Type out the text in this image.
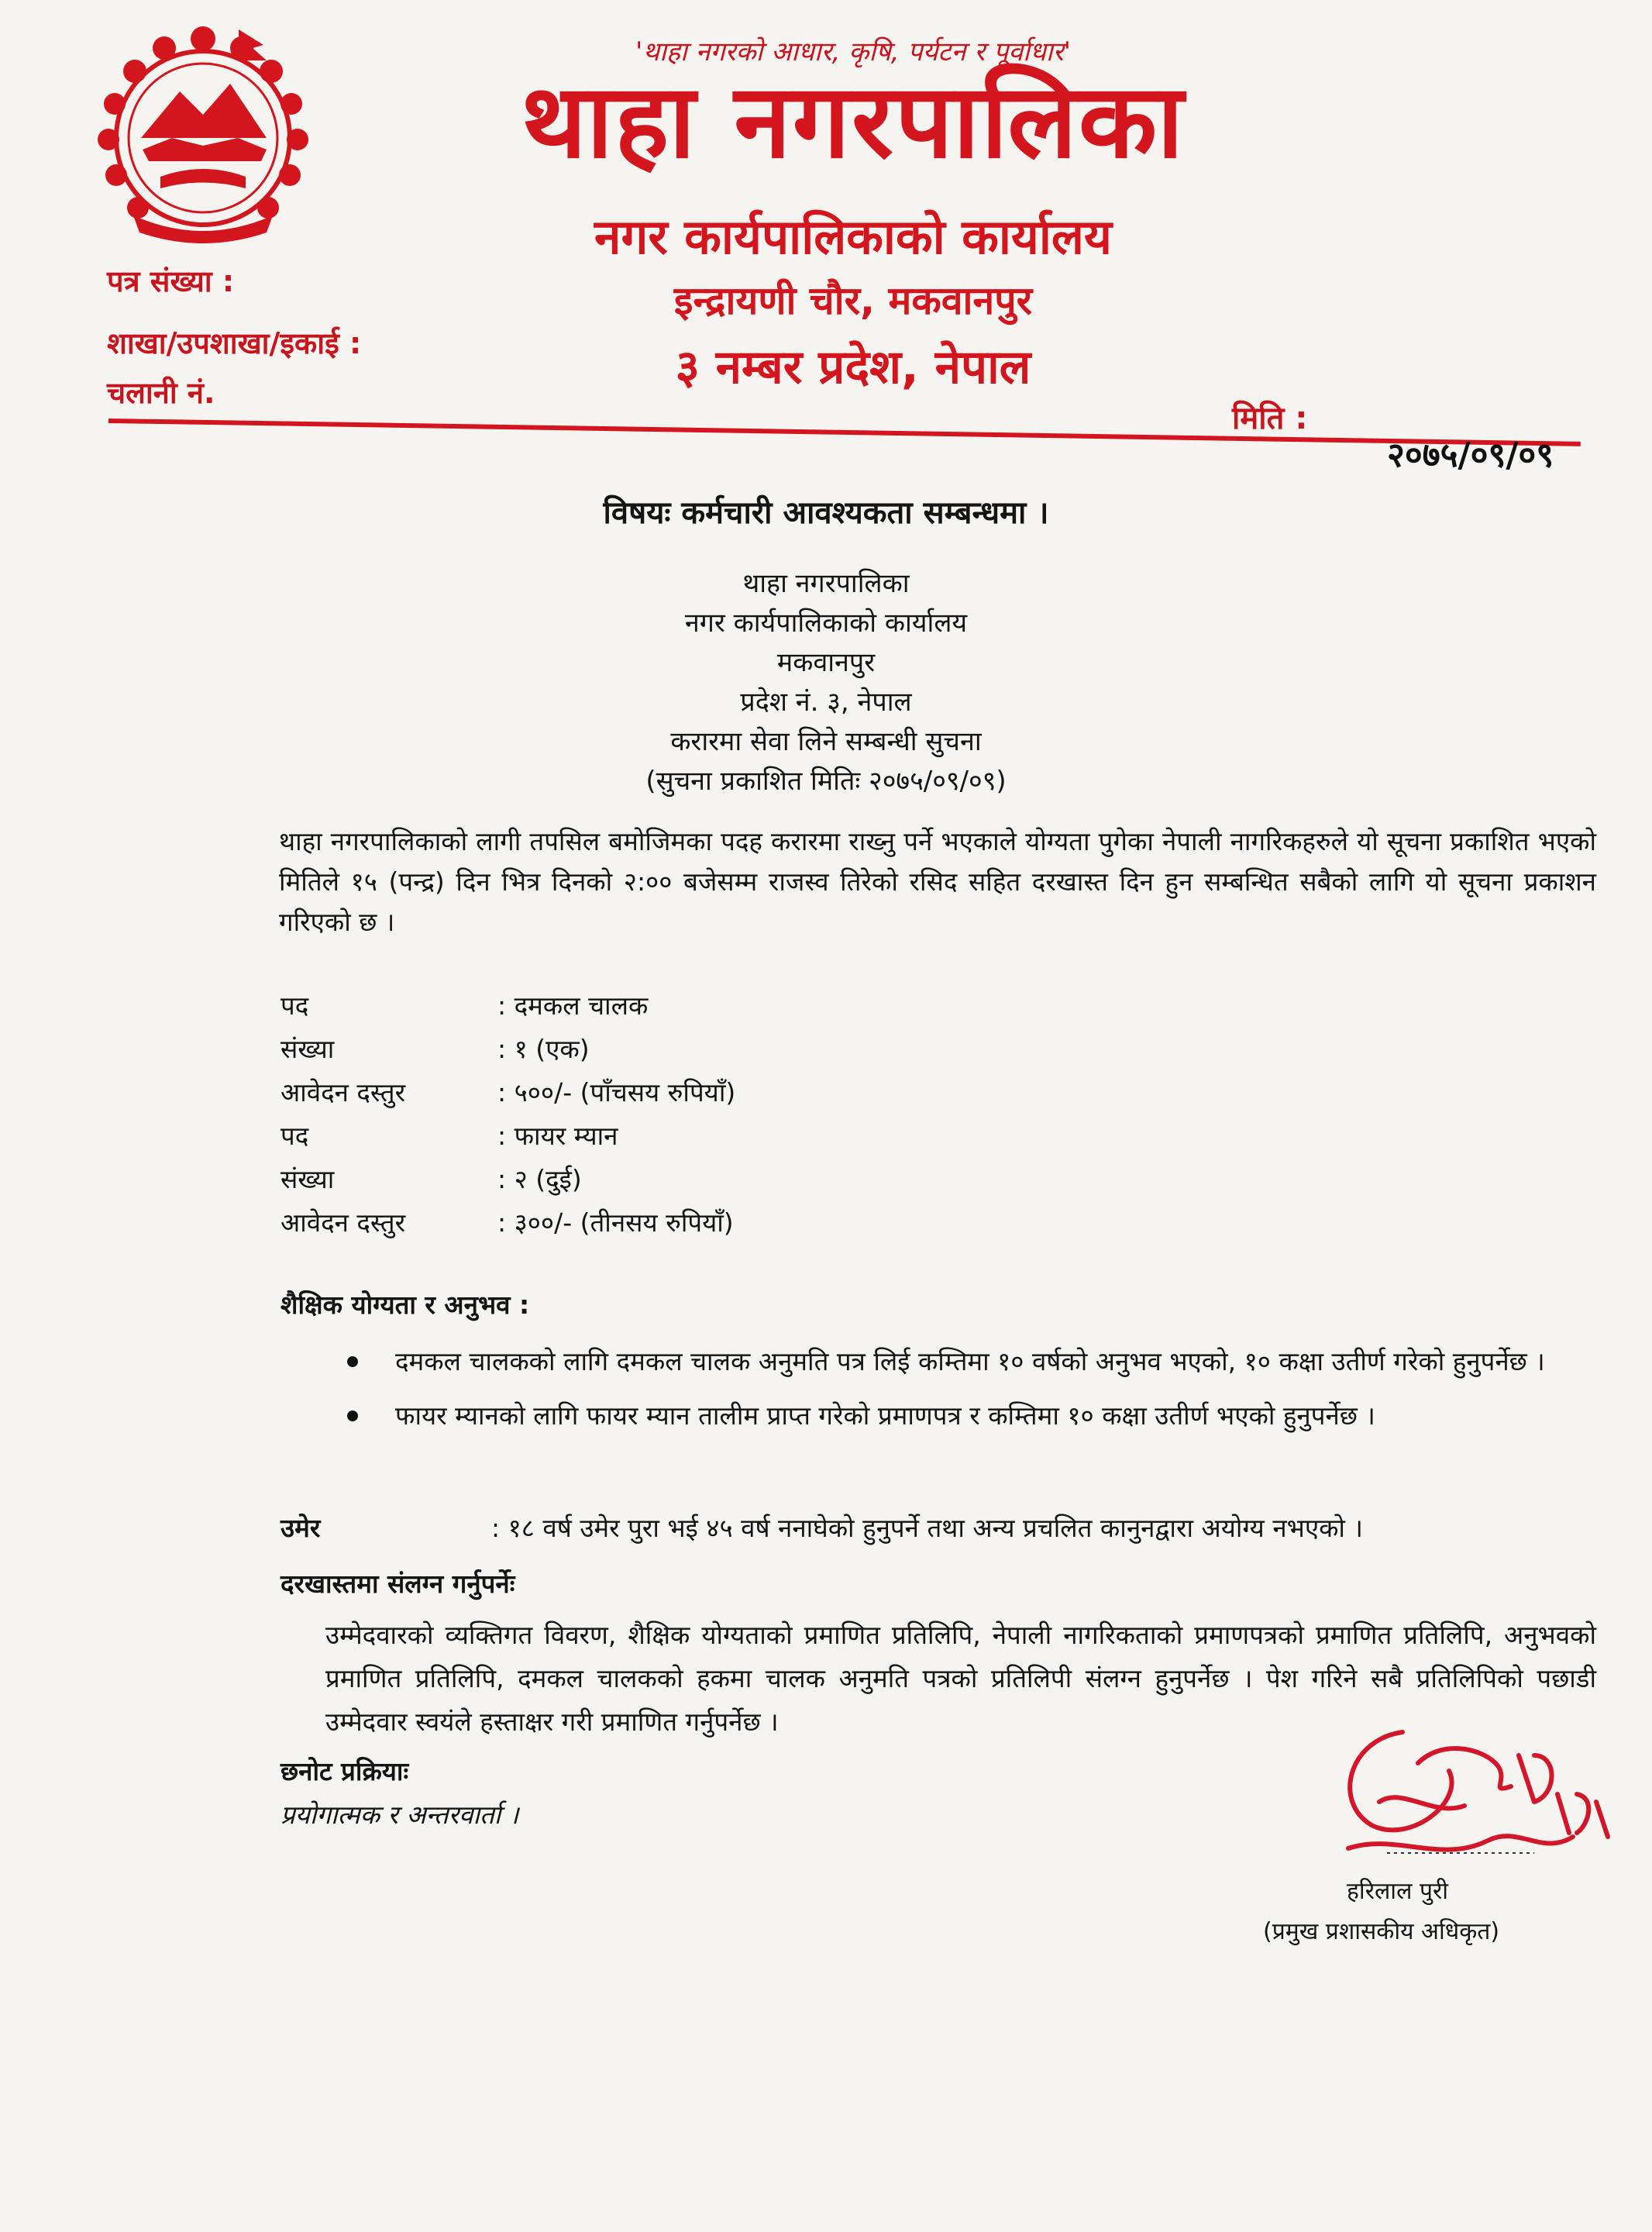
'थाहा नगरको आधार, कृषि, पर्यटन र पूर्वाधार'
थाहा नगरपालिका
नगर कार्यपालिकाको कार्यालय
इन्द्रायणी चौर, मकवानपुर
३ नम्बर प्रदेश, नेपाल
पत्र संख्या :
शाखा/उपशाखा/इकाई :
चलानी नं.
मिति :
२०७५/०९/०९
विषयः कर्मचारी आवश्यकता सम्बन्धमा ।
थाहा नगरपालिका
नगर कार्यपालिकाको कार्यालय
मकवानपुर
प्रदेश नं. ३, नेपाल
करारमा सेवा लिने सम्बन्धी सुचना
(सुचना प्रकाशित मितिः २०७५/०९/०९)
थाहा नगरपालिकाको लागी तपसिल बमोजिमका पदह करारमा राख्नु पर्ने भएकाले योग्यता पुगेका नेपाली नागरिकहरुले यो सूचना प्रकाशित भएको मितिले १५ (पन्द्र) दिन भित्र दिनको २:०० बजेसम्म राजस्व तिरेको रसिद सहित दरखास्त दिन हुन सम्बन्धित सबैको लागि यो सूचना प्रकाशन गरिएको छ ।
पद	: दमकल चालक
संख्या	: १ (एक)
आवेदन दस्तुर	: ५००/- (पाँचसय रुपियाँ)
पद	: फायर म्यान
संख्या	: २ (दुई)
आवेदन दस्तुर	: ३००/- (तीनसय रुपियाँ)
शैक्षिक योग्यता र अनुभव :
दमकल चालकको लागि दमकल चालक अनुमति पत्र लिई कम्तिमा १० वर्षको अनुभव भएको, १० कक्षा उतीर्ण गरेको हुनुपर्नेछ ।
फायर म्यानको लागि फायर म्यान तालीम प्राप्त गरेको प्रमाणपत्र र कम्तिमा १० कक्षा उतीर्ण भएको हुनुपर्नेछ ।
उमेर	: १८ वर्ष उमेर पुरा भई ४५ वर्ष ननाघेको हुनुपर्ने तथा अन्य प्रचलित कानुनद्वारा अयोग्य नभएको ।
दरखास्तमा संलग्न गर्नुपर्नेः
उम्मेदवारको व्यक्तिगत विवरण, शैक्षिक योग्यताको प्रमाणित प्रतिलिपि, नेपाली नागरिकताको प्रमाणपत्रको प्रमाणित प्रतिलिपि, अनुभवको प्रमाणित प्रतिलिपि, दमकल चालकको हकमा चालक अनुमति पत्रको प्रतिलिपी संलग्न हुनुपर्नेछ । पेश गरिने सबै प्रतिलिपिको पछाडी उम्मेदवार स्वयंले हस्ताक्षर गरी प्रमाणित गर्नुपर्नेछ ।
छनोट प्रक्रियाः
प्रयोगात्मक र अन्तरवार्ता ।
हरिलाल पुरी
(प्रमुख प्रशासकीय अधिकृत)
